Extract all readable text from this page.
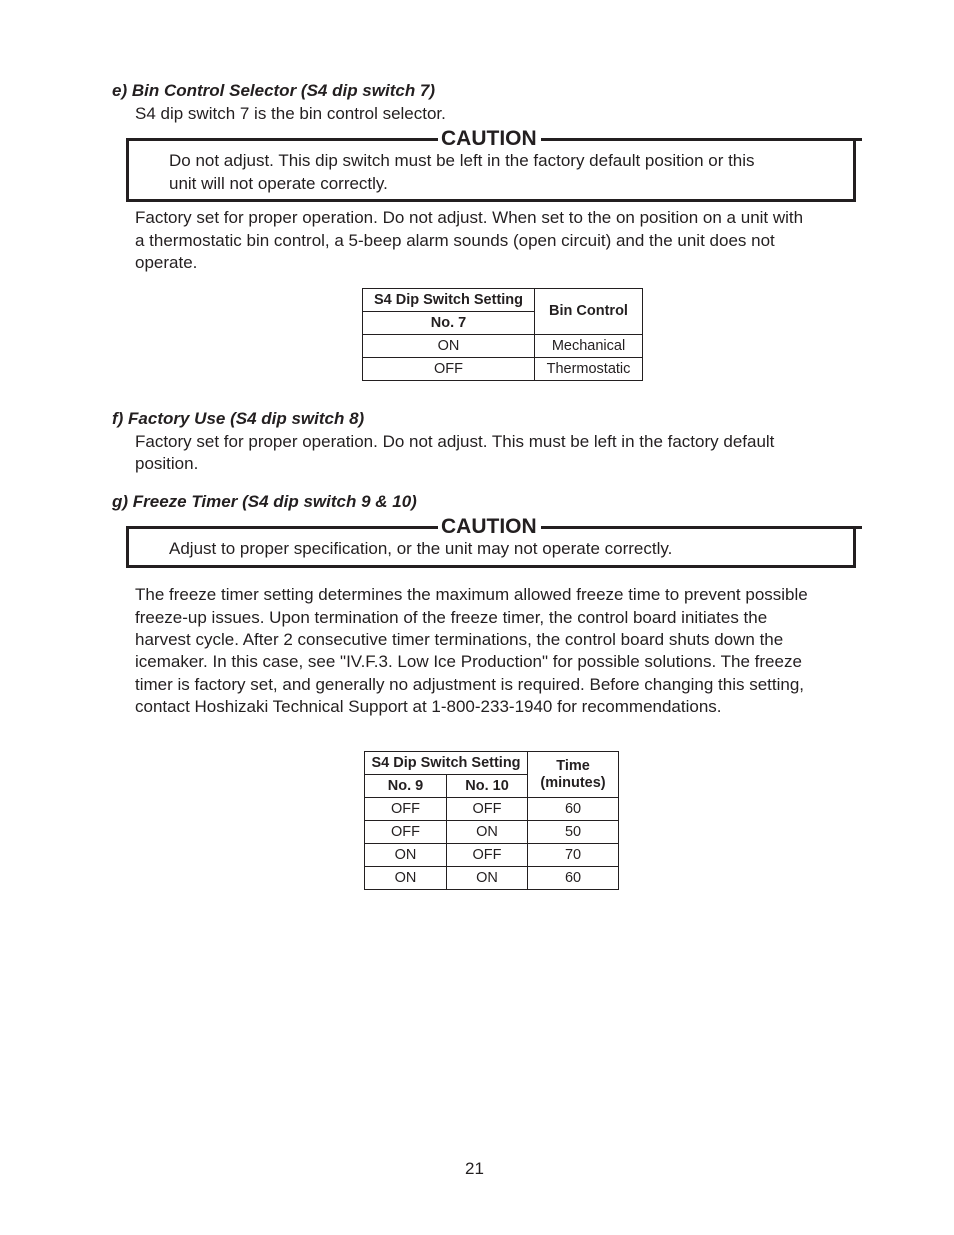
e) Bin Control Selector (S4 dip switch 7)
S4 dip switch 7 is the bin control selector.
CAUTION
Do not adjust. This dip switch must be left in the factory default position or this
unit will not operate correctly.
Factory set for proper operation. Do not adjust. When set to the on position on a unit with
a thermostatic bin control, a 5-beep alarm sounds (open circuit) and the unit does not
operate.
S4 Dip Switch Setting	Bin Control
No. 7	
ON	Mechanical
OFF	Thermostatic
f) Factory Use (S4 dip switch 8)
Factory set for proper operation. Do not adjust. This must be left in the factory default
position.
g) Freeze Timer (S4 dip switch 9 & 10)
CAUTION
Adjust to proper specification, or the unit may not operate correctly.
The freeze timer setting determines the maximum allowed freeze time to prevent possible
freeze-up issues. Upon termination of the freeze timer, the control board initiates the
harvest cycle. After 2 consecutive timer terminations, the control board shuts down the
icemaker. In this case, see "IV.F.3. Low Ice Production" for possible solutions. The freeze
timer is factory set, and generally no adjustment is required. Before changing this setting,
contact Hoshizaki Technical Support at 1-800-233-1940 for recommendations.
S4 Dip Switch Setting		Time
(minutes)

No. 9	No. 10	
OFF	OFF	60
OFF	ON	50
ON	OFF	70
ON	ON	60
21
